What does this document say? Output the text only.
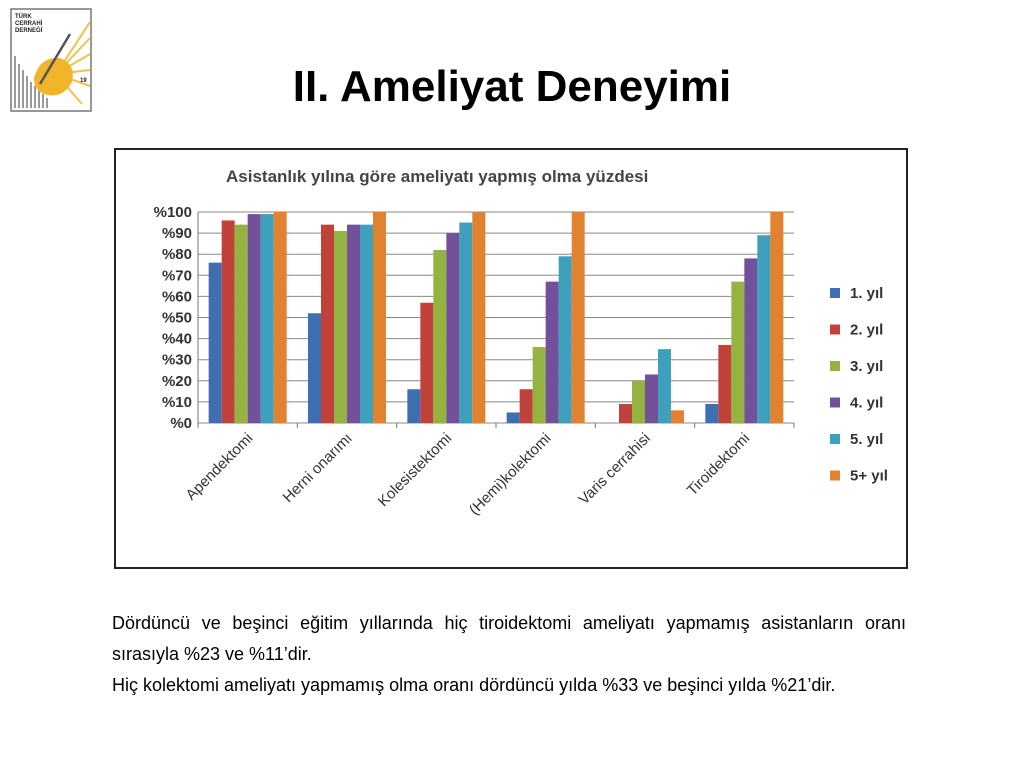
TÜRK
CERRAHİ
DERNEĞİ
19	II. Ameliyat Deneyimi
Asistanlık yılına göre ameliyatı yapmış olma yüzdesi
%0
%10
%20
%30
%40
%50
%60
%70
%80
%90
%100
Apendektomi Herni onarımı Kolesistektomi (Hemi)kolektomi Varis cerrahisi Tiroidektomi
1. yıl
2. yıl
3. yıl
4. yıl
5. yıl
5+ yıl

Dördüncü ve beşinci eğitim yıllarında hiç tiroidektomi ameliyatı yapmamış asistanların oranı sırasıyla %23 ve %11’dir.

Hiç kolektomi ameliyatı yapmamış olma oranı dördüncü yılda %33 ve beşinci yılda %21’dir.
